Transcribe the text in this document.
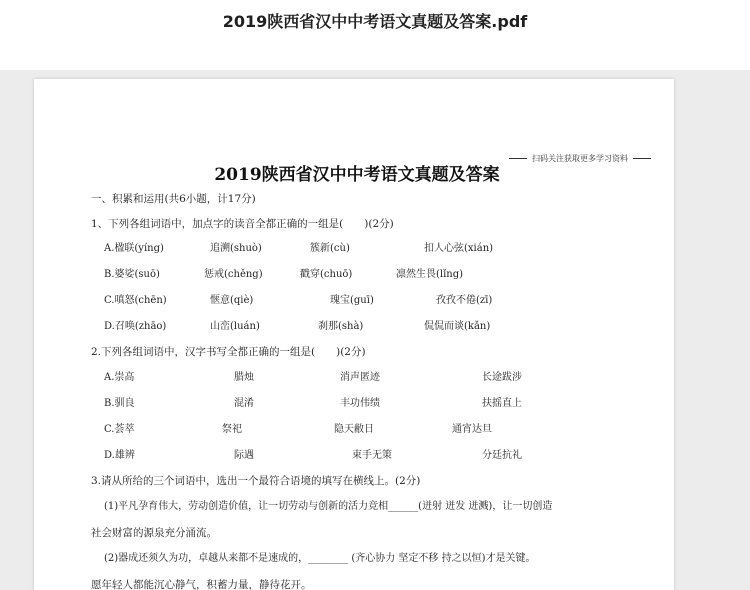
2019陕西省汉中中考语文真题及答案.pdf
扫码关注获取更多学习资料
2019陕西省汉中中考语文真题及答案
一、积累和运用(共6小题，计17分)
1、下列各组词语中，加点字的读音全都正确的一组是(　　)(2分)
A.楹联(yíng)	追溯(shuò)	簇新(cù)	扣人心弦(xián)
B.婆娑(suō)	惩戒(chěng)	戳穿(chuō)	凛然生畏(lǐng)
C.嗔怒(chēn)	惬意(qiè)	瑰宝(guī)	孜孜不倦(zī)
D.召唤(zhāo)	山峦(luán)	刹那(shà)	侃侃而谈(kǎn)
2.下列各组词语中，汉字书写全都正确的一组是(　　)(2分)
A.崇高	腊烛	消声匿迹	长途跋涉
B.驯良	混淆	丰功伟绩	扶摇直上
C.荟萃	祭祀	隐天敝日	通宵达旦
D.雄辨	际遇	束手无策	分廷抗礼
3.请从所给的三个词语中，选出一个最符合语境的填写在横线上。(2分)
(1)平凡孕育伟大，劳动创造价值，让一切劳动与创新的活力竞相______(迸射 迸发 迸溅)，让一切创造
社会财富的源泉充分涌流。
(2)器成还须久为功，卓越从来都不是速成的，________ (齐心协力 坚定不移 持之以恒)才是关键。
愿年轻人都能沉心静气，积蓄力量，静待花开。
